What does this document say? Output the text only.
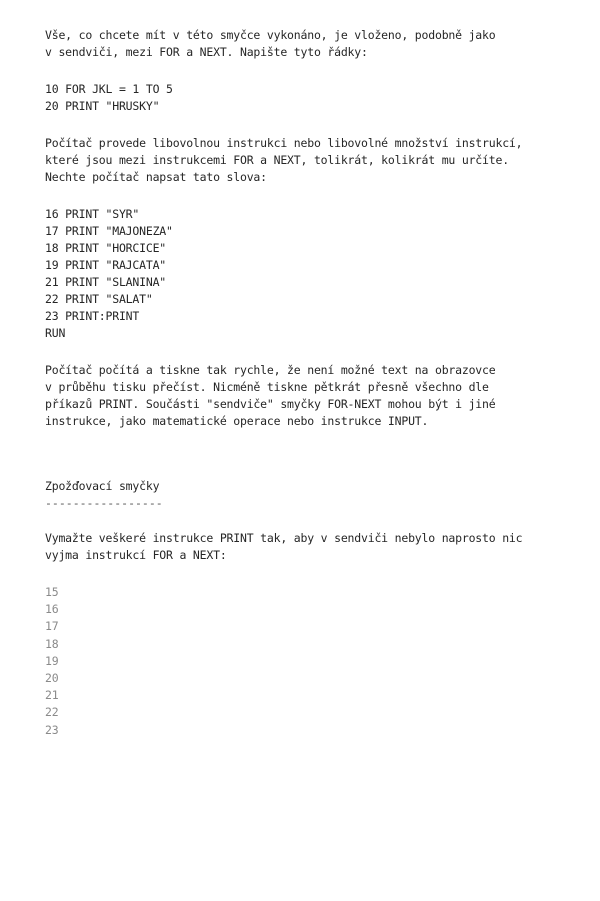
Vše, co chcete mít v této smyčce vykonáno, je vloženo, podobně jako
v sendviči, mezi FOR a NEXT. Napište tyto řádky:
10 FOR JKL = 1 TO 5
20 PRINT "HRUSKY"
Počítač provede libovolnou instrukci nebo libovolné množství instrukcí,
které jsou mezi instrukcemi FOR a NEXT, tolikrát, kolikrát mu určíte.
Nechte počítač napsat tato slova:
16 PRINT "SYR"
17 PRINT "MAJONEZA"
18 PRINT "HORCICE"
19 PRINT "RAJCATA"
21 PRINT "SLANINA"
22 PRINT "SALAT"
23 PRINT:PRINT
RUN
Počítač počítá a tiskne tak rychle, že není možné text na obrazovce
v průběhu tisku přečíst. Nicméně tiskne pětkrát přesně všechno dle
příkazů PRINT. Součásti "sendviče" smyčky FOR-NEXT mohou být i jiné
instrukce, jako matematické operace nebo instrukce INPUT.
Zpožďovací smyčky
-----------------
Vymažte veškeré instrukce PRINT tak, aby v sendviči nebylo naprosto nic
vyjma instrukcí FOR a NEXT:
15
16
17
18
19
20
21
22
23
